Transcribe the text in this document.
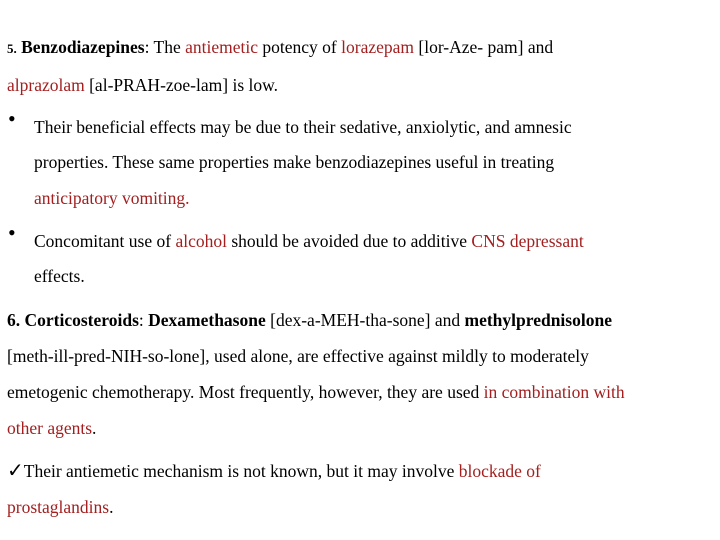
5. Benzodiazepines: The antiemetic potency of lorazepam [lor-Aze- pam] and
alprazolam [al-PRAH-zoe-lam] is low.
• Their beneficial effects may be due to their sedative, anxiolytic, and amnesic
properties. These same properties make benzodiazepines useful in treating
anticipatory vomiting.
• Concomitant use of alcohol should be avoided due to additive CNS depressant
effects.
6. Corticosteroids: Dexamethasone [dex-a-MEH-tha-sone] and methylprednisolone
[meth-ill-pred-NIH-so-lone], used alone, are effective against mildly to moderately
emetogenic chemotherapy. Most frequently, however, they are used in combination with
other agents.
✓Their antiemetic mechanism is not known, but it may involve blockade of
prostaglandins.
